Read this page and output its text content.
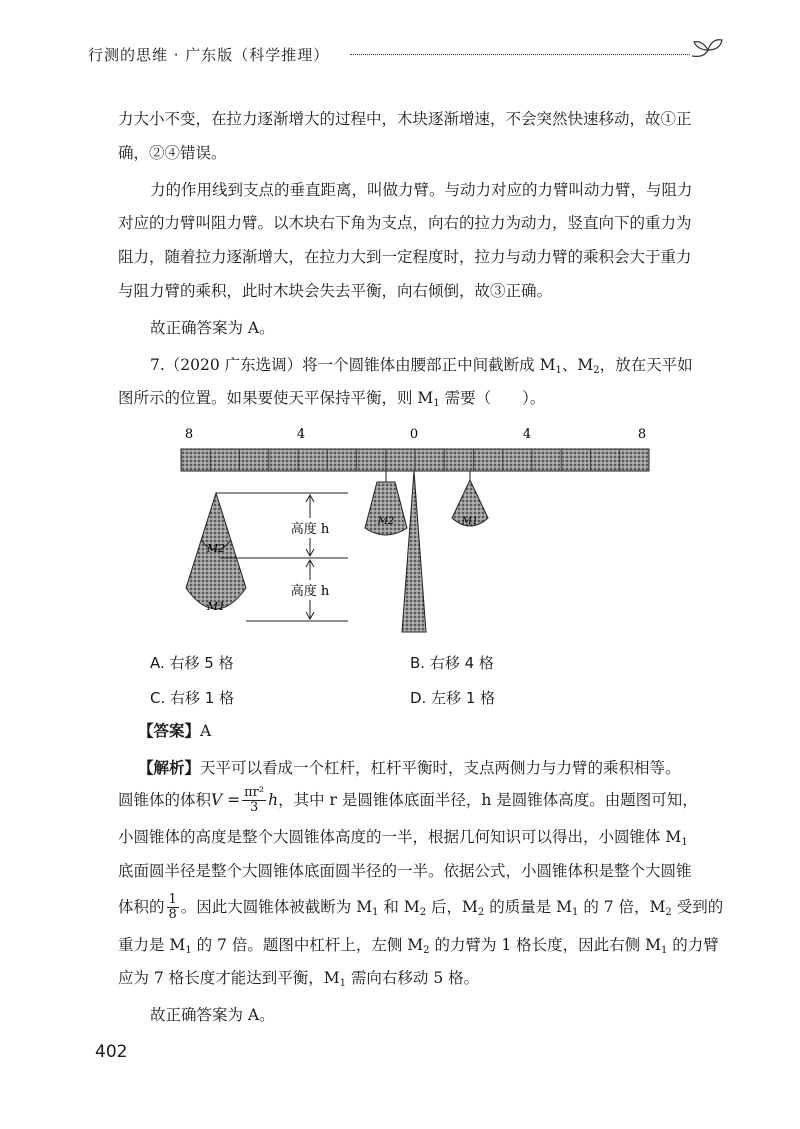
行测的思维 · 广东版（科学推理）
力大小不变，在拉力逐渐增大的过程中，木块逐渐增速，不会突然快速移动，故①正
确，②④错误。
力的作用线到支点的垂直距离，叫做力臂。与动力对应的力臂叫动力臂，与阻力
对应的力臂叫阻力臂。以木块右下角为支点，向右的拉力为动力，竖直向下的重力为
阻力，随着拉力逐渐增大，在拉力大到一定程度时，拉力与动力臂的乘积会大于重力
与阻力臂的乘积，此时木块会失去平衡，向右倾倒，故③正确。
故正确答案为 A。
7.（2020 广东选调）将一个圆锥体由腰部正中间截断成 $M_1$、$M_2$，放在天平如
图所示的位置。如果要使天平保持平衡，则 $M_1$ 需要（　　）。
8	4	0	4	8
M2
M1
高度 h
高度 h
M2	M1
A. 右移 5 格	B. 右移 4 格
C. 右移 1 格	D. 左移 1 格
【答案】A
【解析】天平可以看成一个杠杆，杠杆平衡时，支点两侧力与力臂的乘积相等。
圆锥体的体积$V = \frac{\text{πr²}}{3}$ h，其中 r 是圆锥体底面半径，h 是圆锥体高度。由题图可知，
小圆锥体的高度是整个大圆锥体高度的一半，根据几何知识可以得出，小圆锥体 $M_1$
底面圆半径是整个大圆锥体底面圆半径的一半。依据公式，小圆锥体积是整个大圆锥
体积的 $\frac{1}{8}$ 。因此大圆锥体被截断为 $M_1$ 和 $M_2$ 后，$M_2$ 的质量是 $M_1$ 的 7 倍，$M_2$ 受到的
重力是 $M_1$ 的 7 倍。题图中杠杆上，左侧 $M_2$ 的力臂为 1 格长度，因此右侧 $M_1$ 的力臂
应为 7 格长度才能达到平衡，$M_1$ 需向右移动 5 格。
故正确答案为 A。
402
